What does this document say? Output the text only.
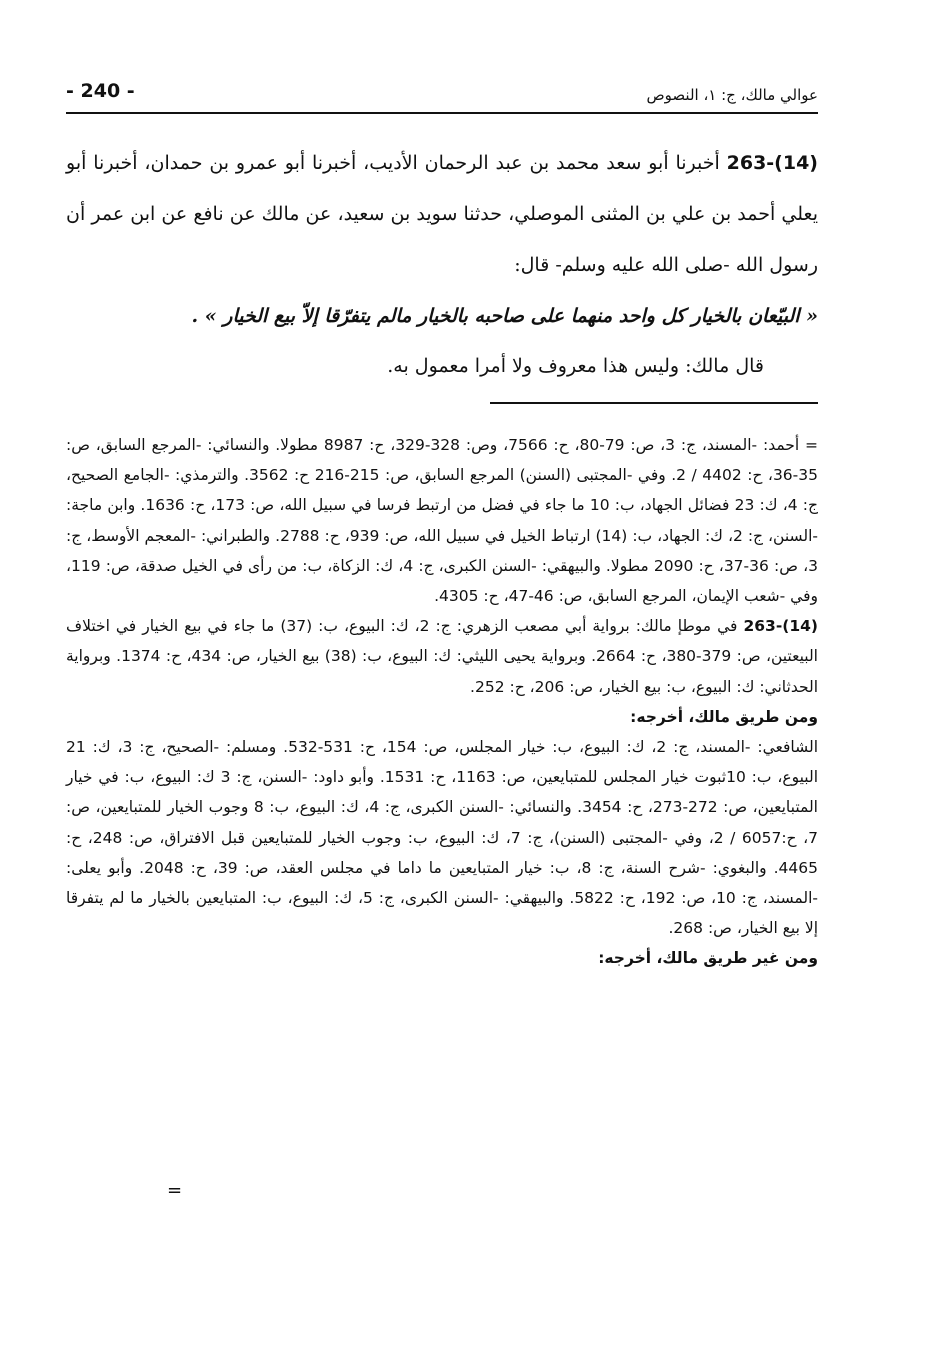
- 240 -	عوالي مالك، ج: ١، النصوص

263-(14) أخبرنا أبو سعد محمد بن عبد الرحمان الأديب، أخبرنا أبو عمرو بن حمدان، أخبرنا أبو يعلي أحمد بن علي بن المثنى الموصلي، حدثنا سويد بن سعيد، عن مالك عن نافع عن ابن عمر أن رسول الله -صلى الله عليه وسلم- قال:

« البيّعان بالخيار كل واحد منهما على صاحبه بالخيار مالم يتفرّقا إلاّ بيع الخيار » .

قال مالك: وليس هذا معروف ولا أمرا معمول به.

= أحمد: -المسند، ج: 3، ص: 79-80، ح: 7566، وص: 328-329، ح: 8987 مطولا. والنسائي: -المرجع السابق، ص: 35-36، ح: 4402 / 2. وفي -المجتبى (السنن) المرجع السابق، ص: 215-216 ح: 3562. والترمذي: -الجامع الصحيح، ج: 4، ك: 23 فضائل الجهاد، ب: 10 ما جاء في فضل من ارتبط فرسا في سبيل الله، ص: 173، ح: 1636. وابن ماجة: -السنن، ج: 2، ك: الجهاد، ب: (14) ارتباط الخيل في سبيل الله، ص: 939، ح: 2788. والطبراني: -المعجم الأوسط، ج: 3، ص: 36-37، ح: 2090 مطولا. والبيهقي: -السنن الكبرى، ج: 4، ك: الزكاة، ب: من رأى في الخيل صدقة، ص: 119، وفي -شعب الإيمان، المرجع السابق، ص: 46-47، ح: 4305.

263-(14) في موطإ مالك: برواية أبي مصعب الزهري: ج: 2، ك: البيوع، ب: (37) ما جاء في بيع الخيار في اختلاف البيعتين، ص: 379-380، ح: 2664. وبرواية يحيى الليثي: ك: البيوع، ب: (38) بيع الخيار، ص: 434، ح: 1374. وبرواية الحدثاني: ك: البيوع، ب: بيع الخيار، ص: 206، ح: 252.

ومن طريق مالك، أخرجه:

الشافعي: -المسند، ج: 2، ك: البيوع، ب: خيار المجلس، ص: 154، ح: 531-532. ومسلم: -الصحيح، ج: 3، ك: 21 البيوع، ب: 10ثبوت خيار المجلس للمتبايعين، ص: 1163، ح: 1531. وأبو داود: -السنن، ج: 3 ك: البيوع، ب: في خيار المتبايعين، ص: 272-273، ح: 3454. والنسائي: -السنن الكبرى، ج: 4، ك: البيوع، ب: 8 وجوب الخيار للمتبايعين، ص: 7، ح:6057 / 2، وفي -المجتبى (السنن)، ج: 7، ك: البيوع، ب: وجوب الخيار للمتبايعين قبل الافتراق، ص: 248، ح: 4465. والبغوي: -شرح السنة، ج: 8، ب: خيار المتبايعين ما داما في مجلس العقد، ص: 39، ح: 2048. وأبو يعلى: -المسند، ج: 10، ص: 192، ح: 5822. والبيهقي: -السنن الكبرى، ج: 5، ك: البيوع، ب: المتبايعين بالخيار ما لم يتفرقا إلا بيع الخيار، ص: 268.

ومن غير طريق مالك، أخرجه:

=
